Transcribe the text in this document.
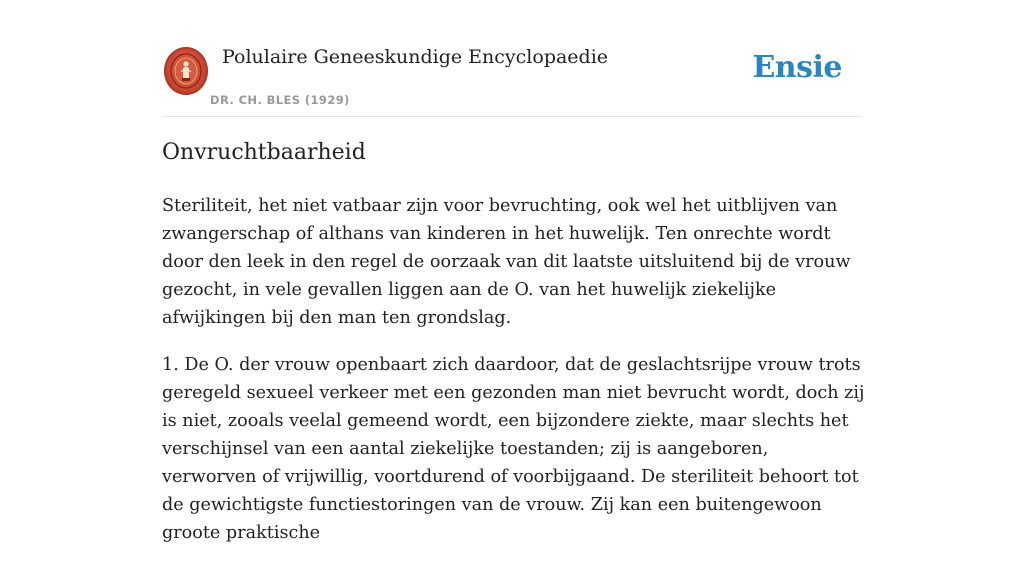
Polulaire Geneeskundige Encyclopaedie
DR. CH. BLES (1929)
Ensie
Onvruchtbaarheid

Steriliteit, het niet vatbaar zijn voor bevruchting, ook wel het uitblijven van zwangerschap of althans van kinderen in het huwelijk. Ten onrechte wordt door den leek in den regel de oorzaak van dit laatste uitsluitend bij de vrouw gezocht, in vele gevallen liggen aan de O. van het huwelijk ziekelijke afwijkingen bij den man ten grondslag.

1. De O. der vrouw openbaart zich daardoor, dat de geslachtsrijpe vrouw trots geregeld sexueel verkeer met een gezonden man niet bevrucht wordt, doch zij is niet, zooals veelal gemeend wordt, een bijzondere ziekte, maar slechts het verschijnsel van een aantal ziekelijke toestanden; zij is aangeboren, verworven of vrijwillig, voortdurend of voorbijgaand. De steriliteit behoort tot de gewichtigste functiestoringen van de vrouw. Zij kan een buitengewoon groote praktische
